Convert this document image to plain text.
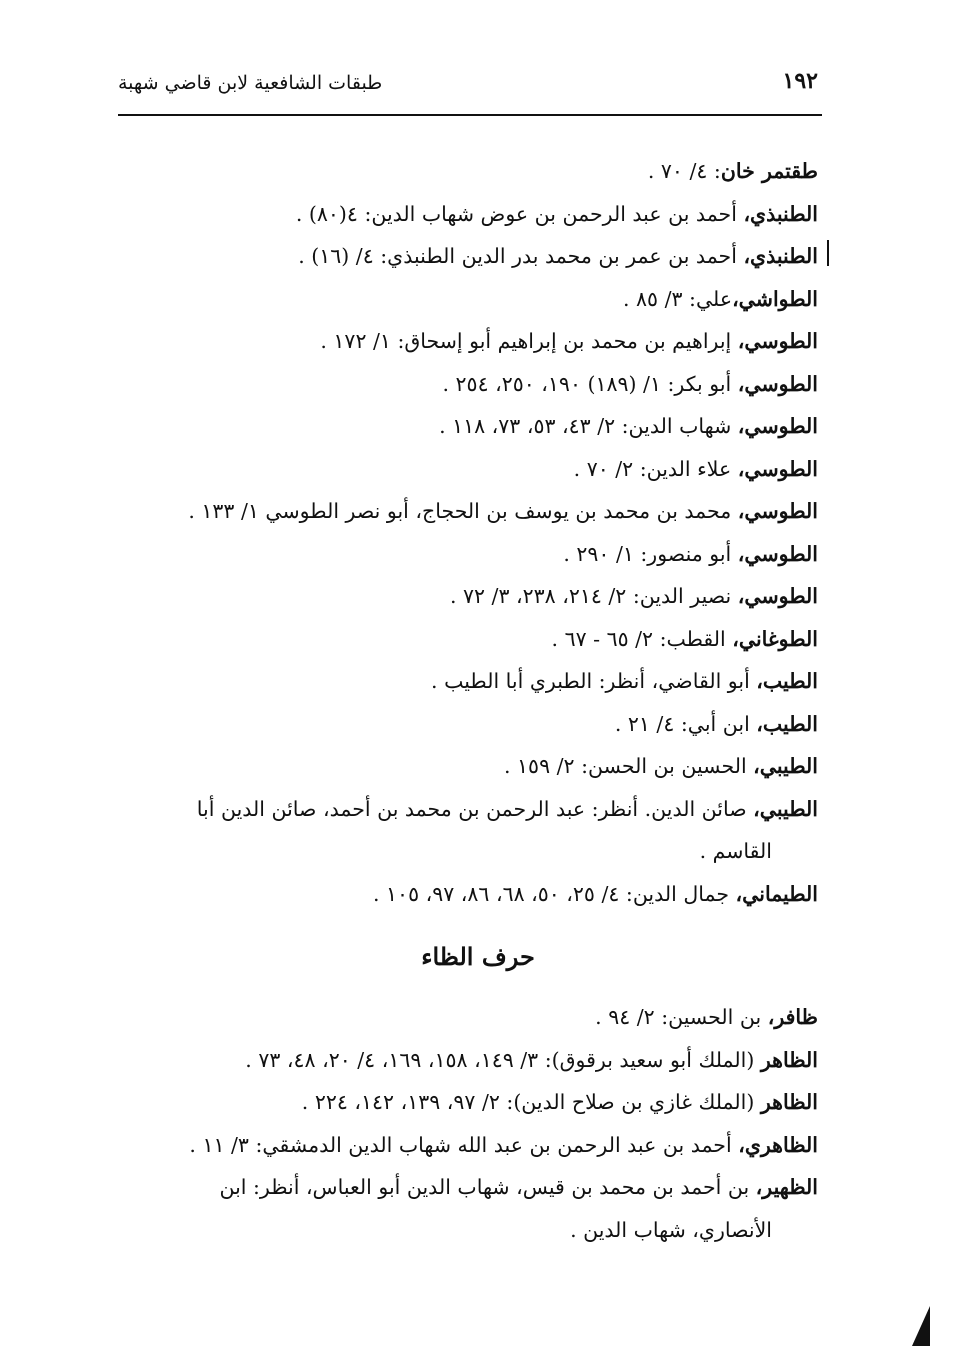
١٩٢
طبقات الشافعية لابن قاضي شهبة
طقتمر خان: ٤/ ٧٠ .
الطنبذي، أحمد بن عبد الرحمن بن عوض شهاب الدين: ٤(٨٠) .
الطنبذي، أحمد بن عمر بن محمد بدر الدين الطنبذي: ٤/ (١٦) .
الطواشي،علي: ٣/ ٨٥ .
الطوسي، إبراهيم بن محمد بن إبراهيم أبو إسحاق: ١/ ١٧٢ .
الطوسي، أبو بكر: ١/ (١٨٩) ١٩٠، ٢٥٠، ٢٥٤ .
الطوسي، شهاب الدين: ٢/ ٤٣، ٥٣، ٧٣، ١١٨ .
الطوسي، علاء الدين: ٢/ ٧٠ .
الطوسي، محمد بن محمد بن يوسف بن الحجاج، أبو نصر الطوسي ١/ ١٣٣ .
الطوسي، أبو منصور: ١/ ٢٩٠ .
الطوسي، نصير الدين: ٢/ ٢١٤، ٢٣٨، ٣/ ٧٢ .
الطوغاني، القطب: ٢/ ٦٥ - ٦٧ .
الطيب، أبو القاضي، أنظر: الطبري أبا الطيب .
الطيب، ابن أبي: ٤/ ٢١ .
الطيبي، الحسين بن الحسن: ٢/ ١٥٩ .
الطيبي، صائن الدين. أنظر: عبد الرحمن بن محمد بن أحمد، صائن الدين أبا
القاسم .
الطيماني، جمال الدين: ٤/ ٢٥، ٥٠، ٦٨، ٨٦، ٩٧، ١٠٥ .
حرف الظاء
ظافر، بن الحسين: ٢/ ٩٤ .
الظاهر (الملك أبو سعيد برقوق): ٣/ ١٤٩، ١٥٨، ١٦٩، ٤/ ٢٠، ٤٨، ٧٣ .
الظاهر (الملك غازي بن صلاح الدين): ٢/ ٩٧، ١٣٩، ١٤٢، ٢٢٤ .
الظاهري، أحمد بن عبد الرحمن بن عبد الله شهاب الدين الدمشقي: ٣/ ١١ .
الظهير، بن أحمد بن محمد بن قيس، شهاب الدين أبو العباس، أنظر: ابن
الأنصاري، شهاب الدين .
